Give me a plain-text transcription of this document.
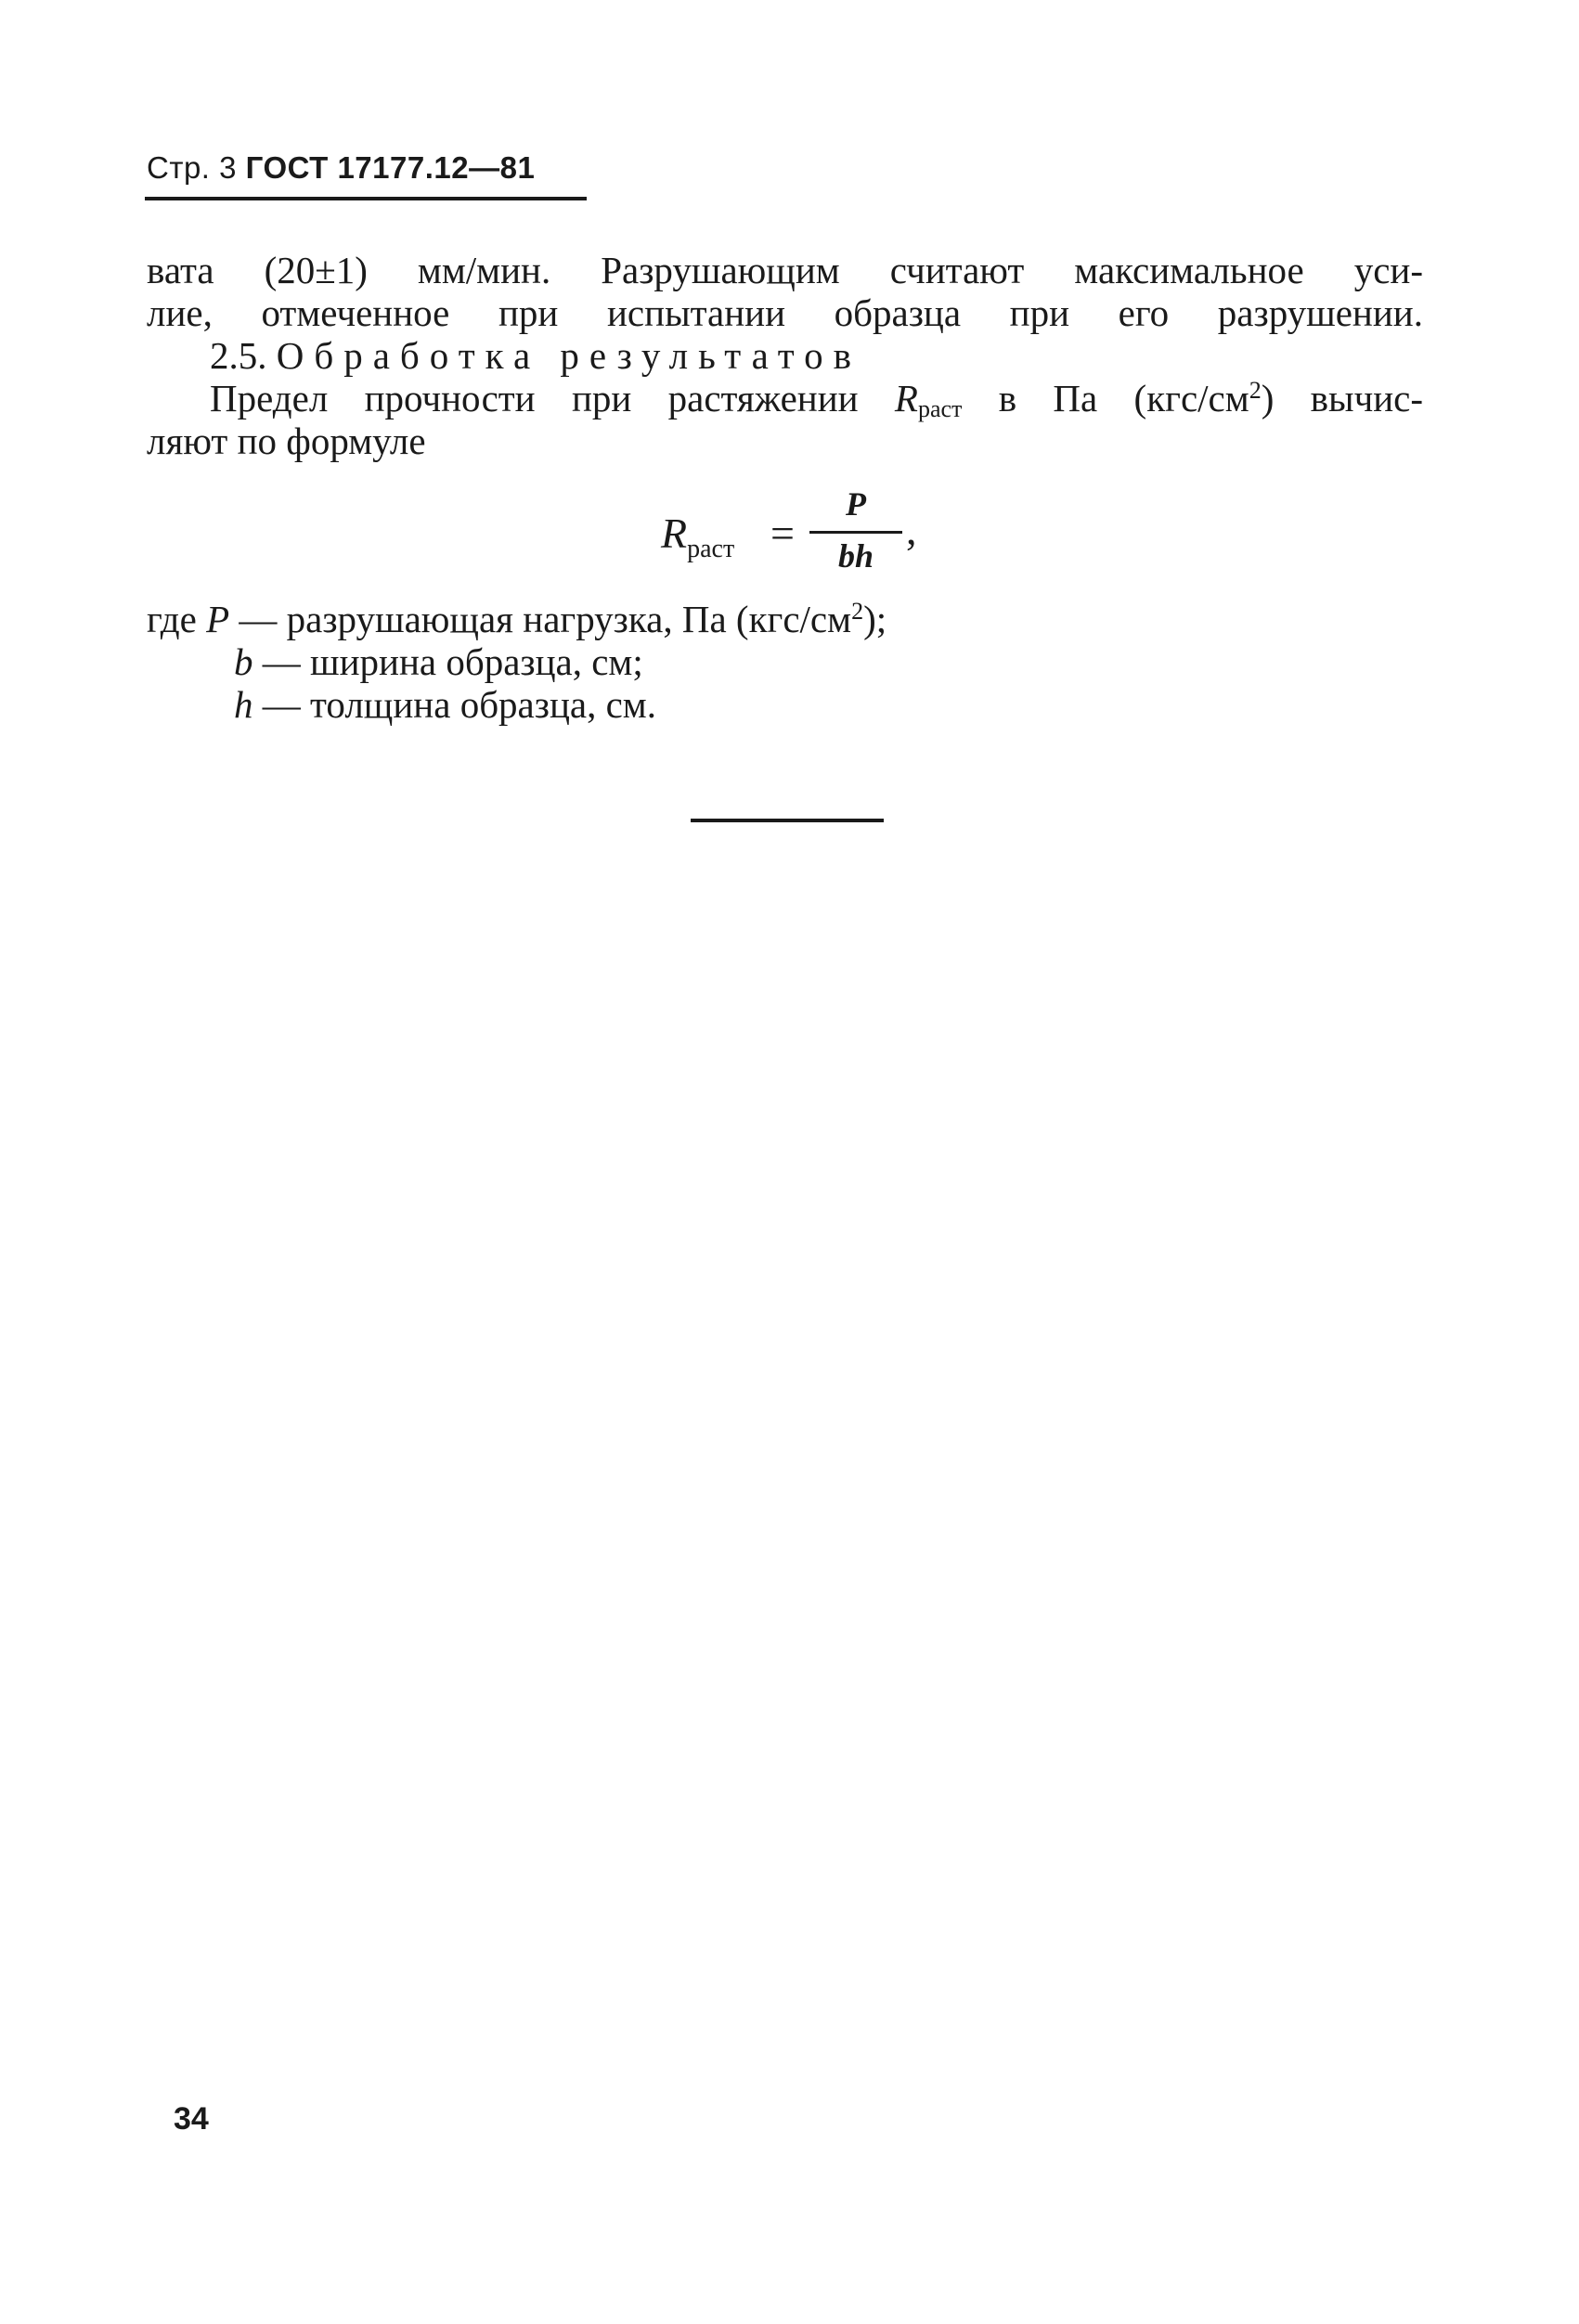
Стр. 3 ГОСТ 17177.12—81
вата (20±1) мм/мин. Разрушающим считают максимальное уси-
лие, отмеченное при испытании образца при его разрушении.
2.5. Обработка результатов
Предел прочности при растяжении $R_{раст}$ в Па $(кгс/см^2)$ вычис-
ляют по формуле
$R_{раст}$ =
P
bh
,
где P — разрушающая нагрузка, Па $(кгс/см^2)$;
b — ширина образца, см;
h — толщина образца, см.
34
